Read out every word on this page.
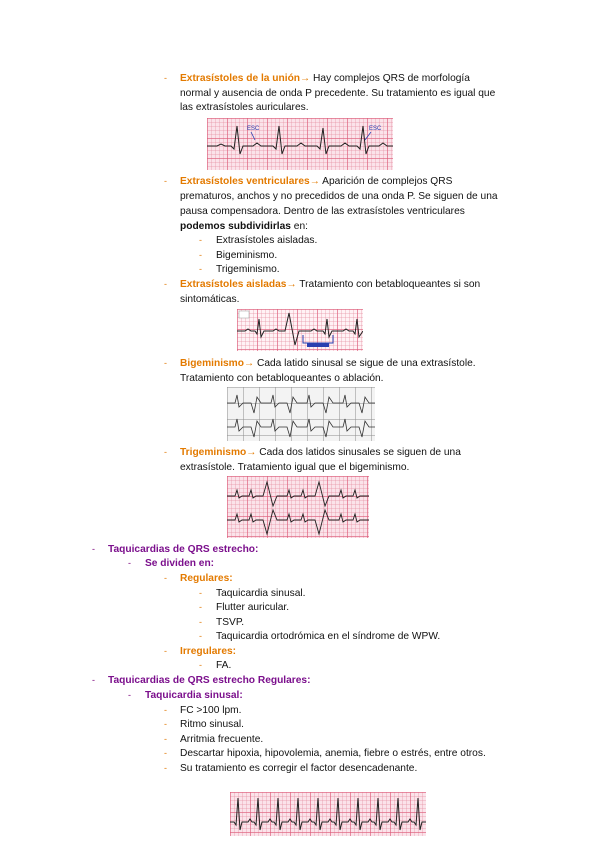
- Extrasístoles de la unión→ Hay complejos QRS de morfología
normal y ausencia de onda P precedente. Su tratamiento es igual que
las extrasístoles auriculares.
ESC	ESC
- Extrasístoles ventriculares→ Aparición de complejos QRS
prematuros, anchos y no precedidos de una onda P. Se siguen de una
pausa compensadora. Dentro de las extrasístoles ventriculares
podemos subdividirlas en:
- Extrasístoles aisladas.
- Bigeminismo.
- Trigeminismo.
- Extrasístoles aisladas→ Tratamiento con betabloqueantes si son
sintomáticas.
- Bigeminismo→ Cada latido sinusal se sigue de una extrasístole.
Tratamiento con betabloqueantes o ablación.
- Trigeminismo→ Cada dos latidos sinusales se siguen de una
extrasístole. Tratamiento igual que el bigeminismo.
- Taquicardias de QRS estrecho:
- Se dividen en:
- Regulares:
- Taquicardia sinusal.
- Flutter auricular.
- TSVP.
- Taquicardia ortodrómica en el síndrome de WPW.
- Irregulares:
- FA.
- Taquicardias de QRS estrecho Regulares:
- Taquicardia sinusal:
- FC >100 lpm.
- Ritmo sinusal.
- Arritmia frecuente.
- Descartar hipoxia, hipovolemia, anemia, fiebre o estrés, entre otros.
- Su tratamiento es corregir el factor desencadenante.
